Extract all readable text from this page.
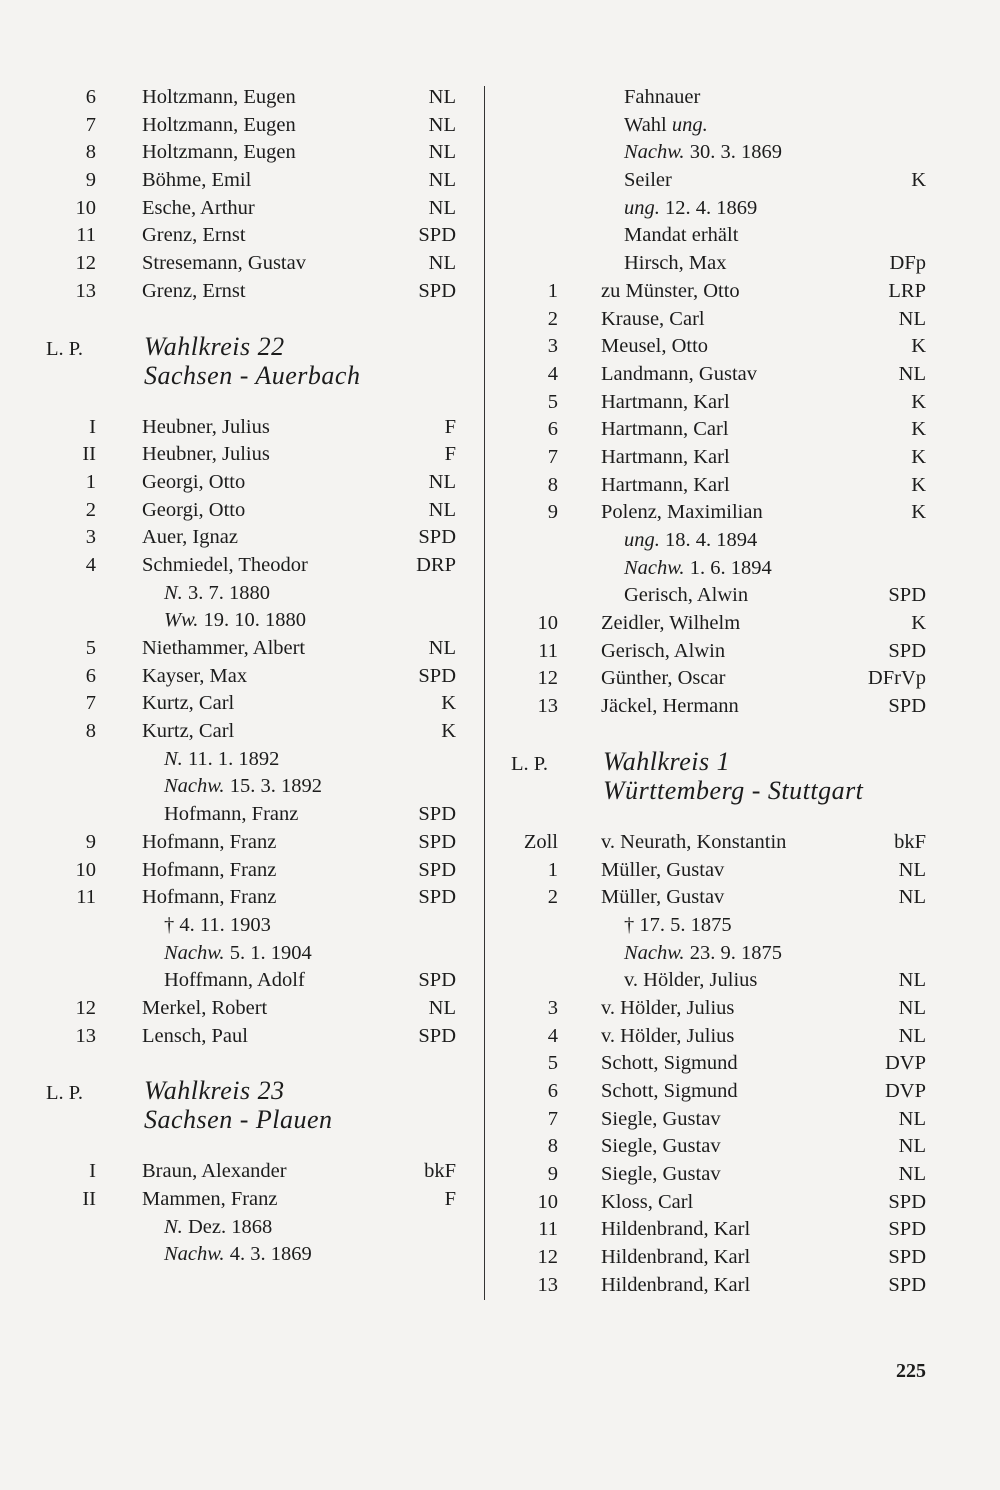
6 Holtzmann, Eugen	NL
7 Holtzmann, Eugen	NL
8 Holtzmann, Eugen	NL
9 Böhme, Emil	NL
10 Esche, Arthur	NL
11 Grenz, Ernst	SPD
12 Stresemann, Gustav	NL
13 Grenz, Ernst	SPD
L. P. Wahlkreis 22
Sachsen - Auerbach
I Heubner, Julius	F
II Heubner, Julius	F
1 Georgi, Otto	NL
2 Georgi, Otto	NL
3 Auer, Ignaz	SPD
4 Schmiedel, Theodor	DRP
N. 3. 7. 1880
Ww. 19. 10. 1880
5 Niethammer, Albert	NL
6 Kayser, Max	SPD
7 Kurtz, Carl	K
8 Kurtz, Carl	K
N. 11. 1. 1892
Nachw. 15. 3. 1892
Hofmann, Franz	SPD
9 Hofmann, Franz	SPD
10 Hofmann, Franz	SPD
11 Hofmann, Franz	SPD
† 4. 11. 1903
Nachw. 5. 1. 1904
Hoffmann, Adolf	SPD
12 Merkel, Robert	NL
13 Lensch, Paul	SPD
L. P. Wahlkreis 23
Sachsen - Plauen
I Braun, Alexander	bkF
II Mammen, Franz	F
N. Dez. 1868
Nachw. 4. 3. 1869
Fahnauer
Wahl ung.
Nachw. 30. 3. 1869
Seiler	K
ung. 12. 4. 1869
Mandat erhält
Hirsch, Max	DFp
1 zu Münster, Otto	LRP
2 Krause, Carl	NL
3 Meusel, Otto	K
4 Landmann, Gustav	NL
5 Hartmann, Karl	K
6 Hartmann, Carl	K
7 Hartmann, Karl	K
8 Hartmann, Karl	K
9 Polenz, Maximilian	K
ung. 18. 4. 1894
Nachw. 1. 6. 1894
Gerisch, Alwin	SPD
10 Zeidler, Wilhelm	K
11 Gerisch, Alwin	SPD
12 Günther, Oscar	DFrVp
13 Jäckel, Hermann	SPD
L. P. Wahlkreis 1
Württemberg - Stuttgart
Zoll v. Neurath, Konstantin	bkF
1 Müller, Gustav	NL
2 Müller, Gustav	NL
† 17. 5. 1875
Nachw. 23. 9. 1875
v. Hölder, Julius	NL
3 v. Hölder, Julius	NL
4 v. Hölder, Julius	NL
5 Schott, Sigmund	DVP
6 Schott, Sigmund	DVP
7 Siegle, Gustav	NL
8 Siegle, Gustav	NL
9 Siegle, Gustav	NL
10 Kloss, Carl	SPD
11 Hildenbrand, Karl	SPD
12 Hildenbrand, Karl	SPD
13 Hildenbrand, Karl	SPD
225
